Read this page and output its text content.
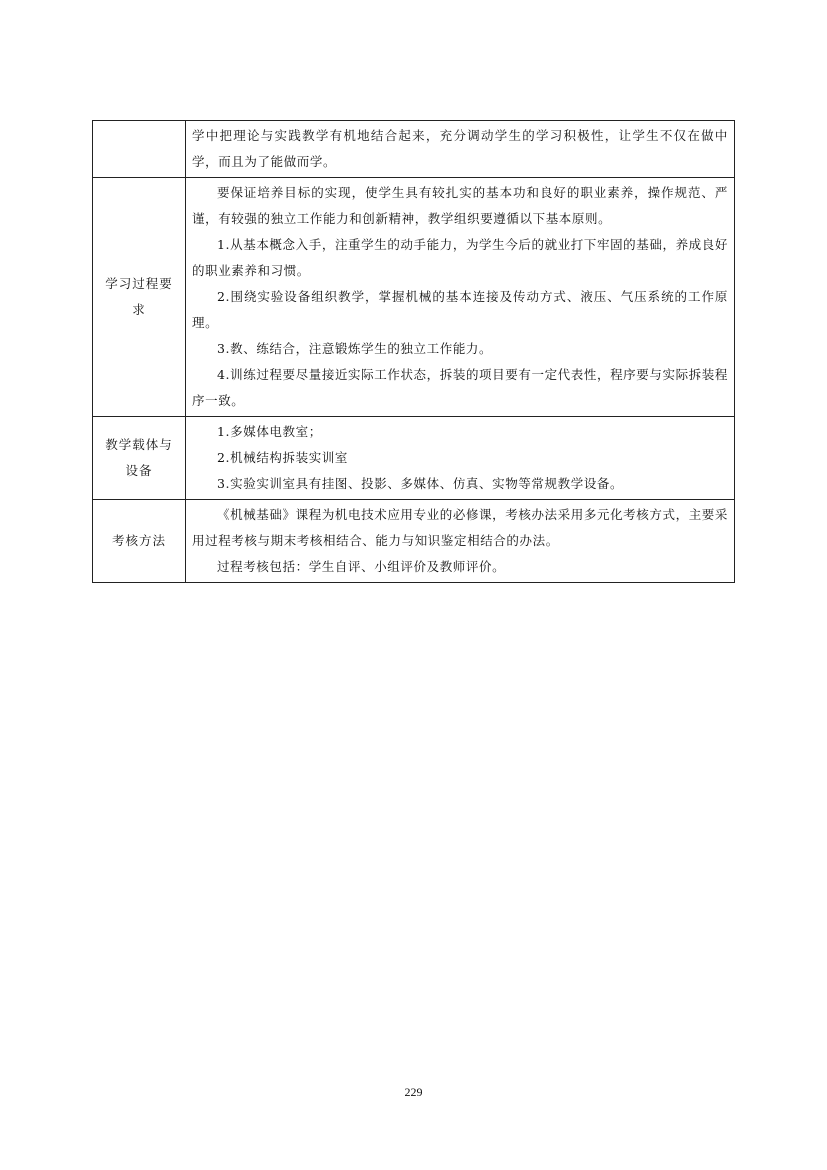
	学中把理论与实践教学有机地结合起来，充分调动学生的学习积极性，让学生不仅在做中学，而且为了能做而学。

学习过程要求	要保证培养目标的实现，使学生具有较扎实的基本功和良好的职业素养，操作规范、严谨，有较强的独立工作能力和创新精神，教学组织要遵循以下基本原则。

1.从基本概念入手，注重学生的动手能力，为学生今后的就业打下牢固的基础，养成良好的职业素养和习惯。

2.围绕实验设备组织教学，掌握机械的基本连接及传动方式、液压、气压系统的工作原理。

3.教、练结合，注意锻炼学生的独立工作能力。

4.训练过程要尽量接近实际工作状态，拆装的项目要有一定代表性，程序要与实际拆装程序一致。

教学载体与设备	1.多媒体电教室；

2.机械结构拆装实训室

3.实验实训室具有挂图、投影、多媒体、仿真、实物等常规教学设备。

考核方法	《机械基础》课程为机电技术应用专业的必修课，考核办法采用多元化考核方式，主要采用过程考核与期末考核相结合、能力与知识鉴定相结合的办法。

过程考核包括：学生自评、小组评价及教师评价。

229
